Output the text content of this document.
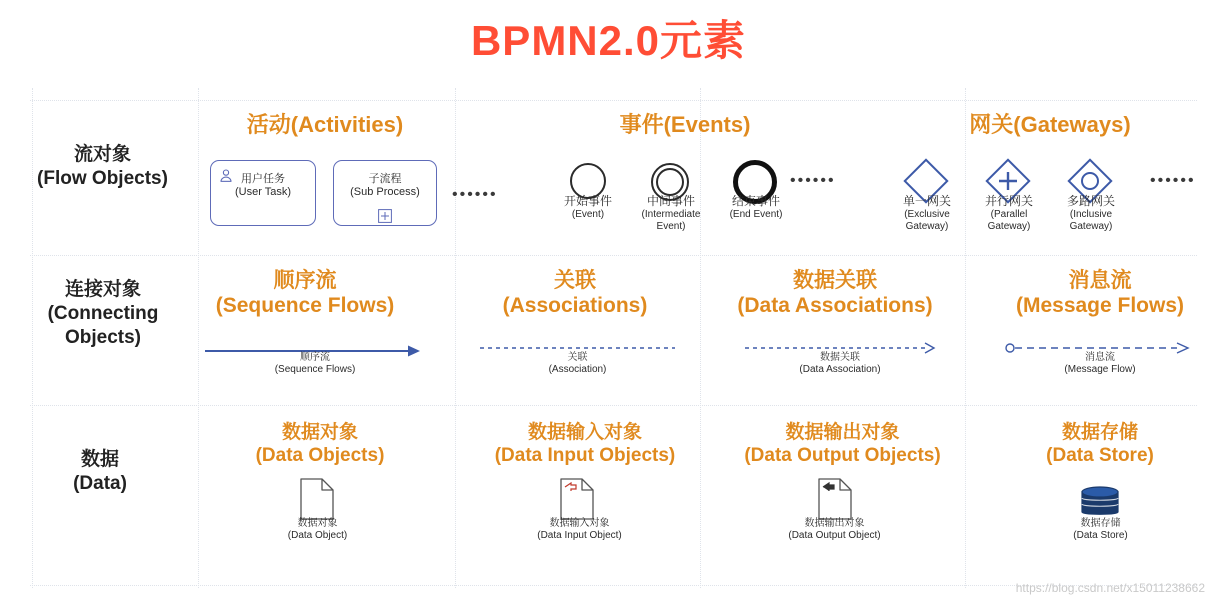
BPMN2.0元素
流对象
(Flow Objects)
活动(Activities)
用户任务
(User Task)
子流程
(Sub Process)	••••••
事件(Events)
开始事件
(Event)
中间事件
(Intermediate Event)
结束事件
(End Event)
••••••
网关(Gateways)
单一网关
(Exclusive Gateway)
并行网关
(Parallel Gateway)
多路网关
(Inclusive Gateway)
••••••
连接对象
(Connecting Objects)
顺序流
(Sequence Flows)
顺序流
(Sequence Flows)
关联
(Associations)
关联
(Association)
数据关联
(Data Associations)
数据关联
(Data Association)
消息流
(Message Flows)
消息流
(Message Flow)
数据
(Data)
数据对象
(Data Objects)
数据对象
(Data Object)
数据输入对象
(Data Input Objects)
数据输入对象
(Data Input Object)
数据输出对象
(Data Output Objects)
数据输出对象
(Data Output Object)
数据存储
(Data Store)
数据存储
(Data Store)
https://blog.csdn.net/x15011238662
